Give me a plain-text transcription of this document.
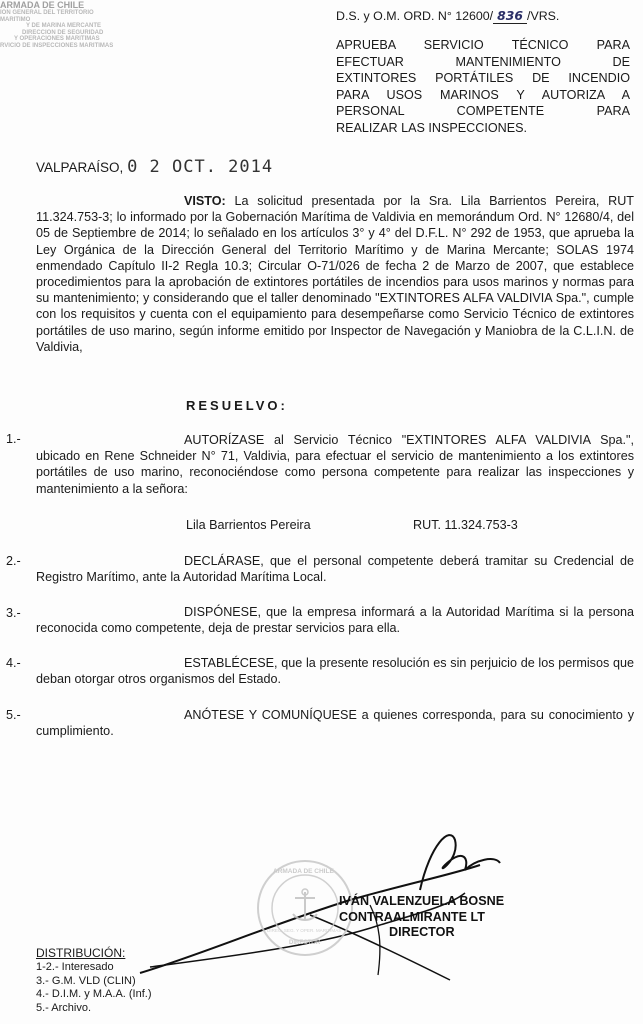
ARMADA DE CHILE
ION GENERAL DEL TERRITORIO MARITIMO
Y DE MARINA MERCANTE
DIRECCION DE SEGURIDAD
Y OPERACIONES MARITIMAS
RVICIO DE INSPECCIONES MARITIMAS
D.S. y O.M. ORD. N° 12600/ 836 /VRS.
APRUEBA SERVICIO TÉCNICO PARA
EFECTUAR MANTENIMIENTO DE
EXTINTORES PORTÁTILES DE INCENDIO
PARA USOS MARINOS Y AUTORIZA A
PERSONAL COMPETENTE PARA
REALIZAR LAS INSPECCIONES.
VALPARAÍSO, 0 2 OCT. 2014
VISTO: La solicitud presentada por la Sra. Lila Barrientos Pereira, RUT 11.324.753-3; lo informado por la Gobernación Marítima de Valdivia en memorándum Ord. N° 12680/4, del 05 de Septiembre de 2014; lo señalado en los artículos 3° y 4° del D.F.L. N° 292 de 1953, que aprueba la Ley Orgánica de la Dirección General del Territorio Marítimo y de Marina Mercante; SOLAS 1974 enmendado Capítulo II-2 Regla 10.3; Circular O-71/026 de fecha 2 de Marzo de 2007, que establece procedimientos para la aprobación de extintores portátiles de incendios para usos marinos y normas para su mantenimiento; y considerando que el taller denominado "EXTINTORES ALFA VALDIVIA Spa.", cumple con los requisitos y cuenta con el equipamiento para desempeñarse como Servicio Técnico de extintores portátiles de uso marino, según informe emitido por Inspector de Navegación y Maniobra de la C.L.I.N. de Valdivia,
RESUELVO:
1.-	AUTORÍZASE al Servicio Técnico "EXTINTORES ALFA VALDIVIA Spa.", ubicado en Rene Schneider N° 71, Valdivia, para efectuar el servicio de mantenimiento a los extintores portátiles de uso marino, reconociéndose como persona competente para realizar las inspecciones y mantenimiento a la señora:
Lila Barrientos Pereira	RUT. 11.324.753-3
2.-	DECLÁRASE, que el personal competente deberá tramitar su Credencial de Registro Marítimo, ante la Autoridad Marítima Local.
3.-	DISPÓNESE, que la empresa informará a la Autoridad Marítima si la persona reconocida como competente, deja de prestar servicios para ella.
4.-	ESTABLÉCESE, que la presente resolución es sin perjuicio de los permisos que deban otorgar otros organismos del Estado.
5.-	ANÓTESE Y COMUNÍQUESE a quienes corresponda, para su conocimiento y cumplimiento.
ARMADA DE CHILE
DIRECTOR
DIREC. SEG. Y OPER. MARITIMAS
IVÁN VALENZUELA BOSNE
CONTRAALMIRANTE LT
DIRECTOR
DISTRIBUCIÓN:
1-2.- Interesado
3.- G.M. VLD (CLIN)
4.- D.I.M. y M.A.A. (Inf.)
5.- Archivo.
